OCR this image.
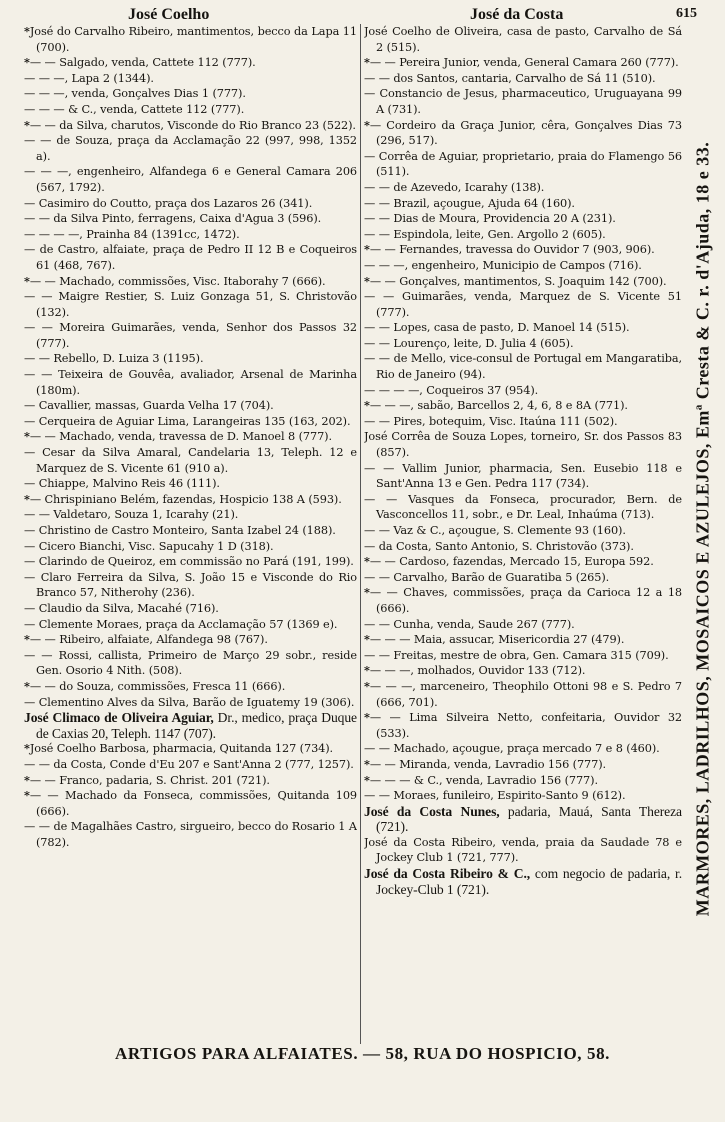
José Coelho	José da Costa	615

*José do Carvalho Ribeiro, mantimentos, becco da Lapa 11 (700).

*— — Salgado, venda, Cattete 112 (777).

— — —, Lapa 2 (1344).

— — —, venda, Gonçalves Dias 1 (777).

— — — & C., venda, Cattete 112 (777).

*— — da Silva, charutos, Visconde do Rio Branco 23 (522).

— — de Souza, praça da Acclamação 22 (997, 998, 1352 a).

— — —, engenheiro, Alfandega 6 e General Camara 206 (567, 1792).

— Casimiro do Coutto, praça dos Lazaros 26 (341).

— — da Silva Pinto, ferragens, Caixa d'Agua 3 (596).

— — — —, Prainha 84 (1391cc, 1472).

— de Castro, alfaiate, praça de Pedro II 12 B e Coqueiros 61 (468, 767).

*— — Machado, commissões, Visc. Itaborahy 7 (666).

— — Maigre Restier, S. Luiz Gonzaga 51, S. Christovão (132).

— — Moreira Guimarães, venda, Senhor dos Passos 32 (777).

— — Rebello, D. Luiza 3 (1195).

— — Teixeira de Gouvêa, avaliador, Arsenal de Marinha (180m).

— Cavallier, massas, Guarda Velha 17 (704).

— Cerqueira de Aguiar Lima, Larangeiras 135 (163, 202).

*— — Machado, venda, travessa de D. Manoel 8 (777).

— Cesar da Silva Amaral, Candelaria 13, Teleph. 12 e Marquez de S. Vicente 61 (910 a).

— Chiappe, Malvino Reis 46 (111).

*— Chrispiniano Belém, fazendas, Hospicio 138 A (593).

— — Valdetaro, Souza 1, Icarahy (21).

— Christino de Castro Monteiro, Santa Izabel 24 (188).

— Cicero Bianchi, Visc. Sapucahy 1 D (318).

— Clarindo de Queiroz, em commissão no Pará (191, 199).

— Claro Ferreira da Silva, S. João 15 e Visconde do Rio Branco 57, Nitherohy (236).

— Claudio da Silva, Macahé (716).

— Clemente Moraes, praça da Acclamação 57 (1369 e).

*— — Ribeiro, alfaiate, Alfandega 98 (767).

— — Rossi, callista, Primeiro de Março 29 sobr., reside Gen. Osorio 4 Nith. (508).

*— — do Souza, commissões, Fresca 11 (666).

— Clementino Alves da Silva, Barão de Iguatemy 19 (306).

José Climaco de Oliveira Aguiar, Dr., medico, praça Duque de Caxias 20, Teleph. 1147 (707).

*José Coelho Barbosa, pharmacia, Quitanda 127 (734).

— — da Costa, Conde d'Eu 207 e Sant'Anna 2 (777, 1257).

*— — Franco, padaria, S. Christ. 201 (721).

*— — Machado da Fonseca, commissões, Quitanda 109 (666).

— — de Magalhães Castro, sirgueiro, becco do Rosario 1 A (782).

José Coelho de Oliveira, casa de pasto, Carvalho de Sá 2 (515).

*— — Pereira Junior, venda, General Camara 260 (777).

— — dos Santos, cantaria, Carvalho de Sá 11 (510).

— Constancio de Jesus, pharmaceutico, Uruguayana 99 A (731).

*— Cordeiro da Graça Junior, cêra, Gonçalves Dias 73 (296, 517).

— Corrêa de Aguiar, proprietario, praia do Flamengo 56 (511).

— — de Azevedo, Icarahy (138).

— — Brazil, açougue, Ajuda 64 (160).

— — Dias de Moura, Providencia 20 A (231).

— — Espindola, leite, Gen. Argollo 2 (605).

*— — Fernandes, travessa do Ouvidor 7 (903, 906).

— — —, engenheiro, Municipio de Campos (716).

*— — Gonçalves, mantimentos, S. Joaquim 142 (700).

— — Guimarães, venda, Marquez de S. Vicente 51 (777).

— — Lopes, casa de pasto, D. Manoel 14 (515).

— — Lourenço, leite, D. Julia 4 (605).

— — de Mello, vice-consul de Portugal em Mangaratiba, Rio de Janeiro (94).

— — — —, Coqueiros 37 (954).

*— — —, sabão, Barcellos 2, 4, 6, 8 e 8A (771).

— — Pires, botequim, Visc. Itaúna 111 (502).

José Corrêa de Souza Lopes, torneiro, Sr. dos Passos 83 (857).

— — Vallim Junior, pharmacia, Sen. Eusebio 118 e Sant'Anna 13 e Gen. Pedra 117 (734).

— — Vasques da Fonseca, procurador, Bern. de Vasconcellos 11, sobr., e Dr. Leal, Inhaúma (713).

— — Vaz & C., açougue, S. Clemente 93 (160).

— da Costa, Santo Antonio, S. Christovão (373).

*— — Cardoso, fazendas, Mercado 15, Europa 592.

— — Carvalho, Barão de Guaratiba 5 (265).

*— — Chaves, commissões, praça da Carioca 12 a 18 (666).

— — Cunha, venda, Saude 267 (777).

*— — — Maia, assucar, Misericordia 27 (479).

— — Freitas, mestre de obra, Gen. Camara 315 (709).

*— — —, molhados, Ouvidor 133 (712).

*— — —, marceneiro, Theophilo Ottoni 98 e S. Pedro 7 (666, 701).

*— — Lima Silveira Netto, confeitaria, Ouvidor 32 (533).

— — Machado, açougue, praça mercado 7 e 8 (460).

*— — Miranda, venda, Lavradio 156 (777).

*— — — & C., venda, Lavradio 156 (777).

— — Moraes, funileiro, Espirito-Santo 9 (612).

José da Costa Nunes, padaria, Mauá, Santa Thereza (721).

José da Costa Ribeiro, venda, praia da Saudade 78 e Jockey Club 1 (721, 777).

José da Costa Ribeiro & C., com negocio de padaria, r. Jockey-Club 1 (721).	MARMORES, LADRILHOS, MOSAICOS E AZULEJOS, Emª Cresta & C. r. d'Ajuda, 18 e 33.
ARTIGOS PARA ALFAIATES. — 58, RUA DO HOSPICIO, 58.
